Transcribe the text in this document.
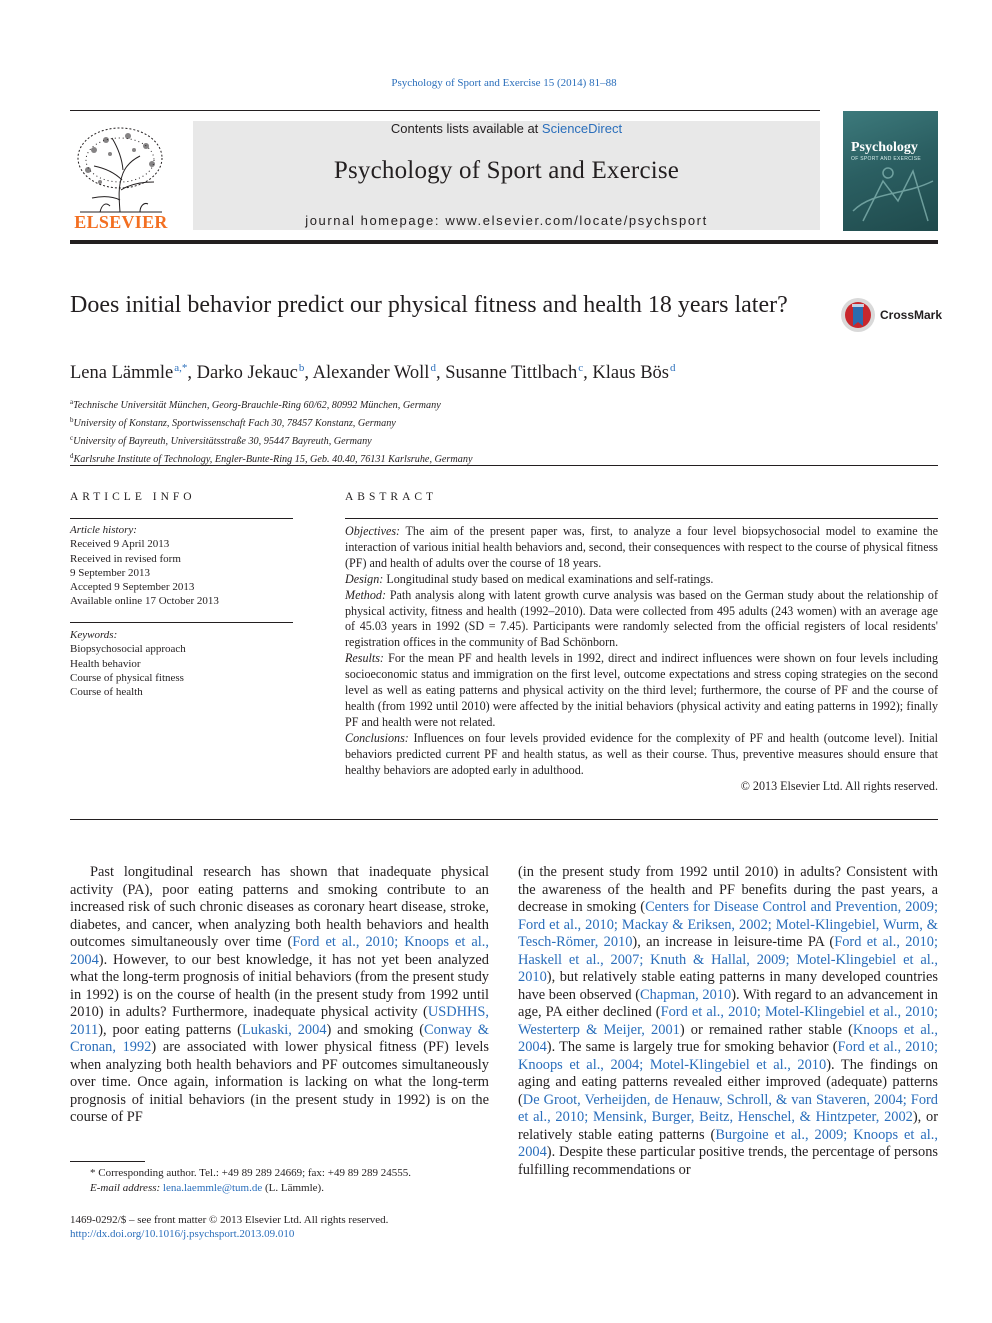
Psychology of Sport and Exercise 15 (2014) 81–88
ELSEVIER
Contents lists available at ScienceDirect
Psychology of Sport and Exercise
journal homepage: www.elsevier.com/locate/psychsport
Psychology
OF SPORT AND EXERCISE
Does initial behavior predict our physical fitness and health 18 years later?	CrossMark
Lena Lämmle$^{a,*}$, Darko Jekauc$^b$, Alexander Woll$^d$, Susanne Tittlbach$^c$, Klaus Bös$^d$
$^a$Technische Universität München, Georg-Brauchle-Ring 60/62, 80992 München, Germany
$^b$University of Konstanz, Sportwissenschaft Fach 30, 78457 Konstanz, Germany
$^c$University of Bayreuth, Universitätsstraße 30, 95447 Bayreuth, Germany
$^d$Karlsruhe Institute of Technology, Engler-Bunte-Ring 15, Geb. 40.40, 76131 Karlsruhe, Germany
ARTICLE INFO
Article history:
Received 9 April 2013
Received in revised form
9 September 2013
Accepted 9 September 2013
Available online 17 October 2013
Keywords:
Biopsychosocial approach
Health behavior
Course of physical fitness
Course of health
ABSTRACT

Objectives: The aim of the present paper was, first, to analyze a four level biopsychosocial model to examine the interaction of various initial health behaviors and, second, their consequences with respect to the course of physical fitness (PF) and health of adults over the course of 18 years.

Design: Longitudinal study based on medical examinations and self-ratings.

Method: Path analysis along with latent growth curve analysis was based on the German study about the relationship of physical activity, fitness and health (1992–2010). Data were collected from 495 adults (243 women) with an average age of 45.03 years in 1992 (SD = 7.45). Participants were randomly selected from the official registers of local residents' registration offices in the community of Bad Schönborn.

Results: For the mean PF and health levels in 1992, direct and indirect influences were shown on four levels including socioeconomic status and immigration on the first level, outcome expectations and stress coping strategies on the second level as well as eating patterns and physical activity on the third level; furthermore, the course of PF and the course of health (from 1992 until 2010) were affected by the initial behaviors (physical activity and eating patterns in 1992); finally PF and health were not related.

Conclusions: Influences on four levels provided evidence for the complexity of PF and health (outcome level). Initial behaviors predicted current PF and health status, as well as their course. Thus, preventive measures should ensure that healthy behaviors are adopted early in adulthood.

© 2013 Elsevier Ltd. All rights reserved.

Past longitudinal research has shown that inadequate physical activity (PA), poor eating patterns and smoking contribute to an increased risk of such chronic diseases as coronary heart disease, stroke, diabetes, and cancer, when analyzing both health behaviors and health outcomes simultaneously over time (Ford et al., 2010; Knoops et al., 2004). However, to our best knowledge, it has not yet been analyzed what the long-term prognosis of initial behaviors (from the present study in 1992) is on the course of health (in the present study from 1992 until 2010) in adults? Furthermore, inadequate physical activity (USDHHS, 2011), poor eating patterns (Lukaski, 2004) and smoking (Conway & Cronan, 1992) are associated with lower physical fitness (PF) levels when analyzing both health behaviors and PF outcomes simultaneously over time. Once again, information is lacking on what the long-term prognosis of initial behaviors (in the present study in 1992) is on the course of PF
(in the present study from 1992 until 2010) in adults? Consistent with the awareness of the health and PF benefits during the past years, a decrease in smoking (Centers for Disease Control and Prevention, 2009; Ford et al., 2010; Mackay & Eriksen, 2002; Motel-Klingebiel, Wurm, & Tesch-Römer, 2010), an increase in leisure-time PA (Ford et al., 2010; Haskell et al., 2007; Knuth & Hallal, 2009; Motel-Klingebiel et al., 2010), but relatively stable eating patterns in many developed countries have been observed (Chapman, 2010). With regard to an advancement in age, PA either declined (Ford et al., 2010; Motel-Klingebiel et al., 2010; Westerterp & Meijer, 2001) or remained rather stable (Knoops et al., 2004). The same is largely true for smoking behavior (Ford et al., 2010; Knoops et al., 2004; Motel-Klingebiel et al., 2010). The findings on aging and eating patterns revealed either improved (adequate) patterns (De Groot, Verheijden, de Henauw, Schroll, & van Staveren, 2004; Ford et al., 2010; Mensink, Burger, Beitz, Henschel, & Hintzpeter, 2002), or relatively stable eating patterns (Burgoine et al., 2009; Knoops et al., 2004). Despite these particular positive trends, the percentage of persons fulfilling recommendations or
* Corresponding author. Tel.: +49 89 289 24669; fax: +49 89 289 24555.
E-mail address: lena.laemmle@tum.de (L. Lämmle).
1469-0292/$ – see front matter © 2013 Elsevier Ltd. All rights reserved.
http://dx.doi.org/10.1016/j.psychsport.2013.09.010
